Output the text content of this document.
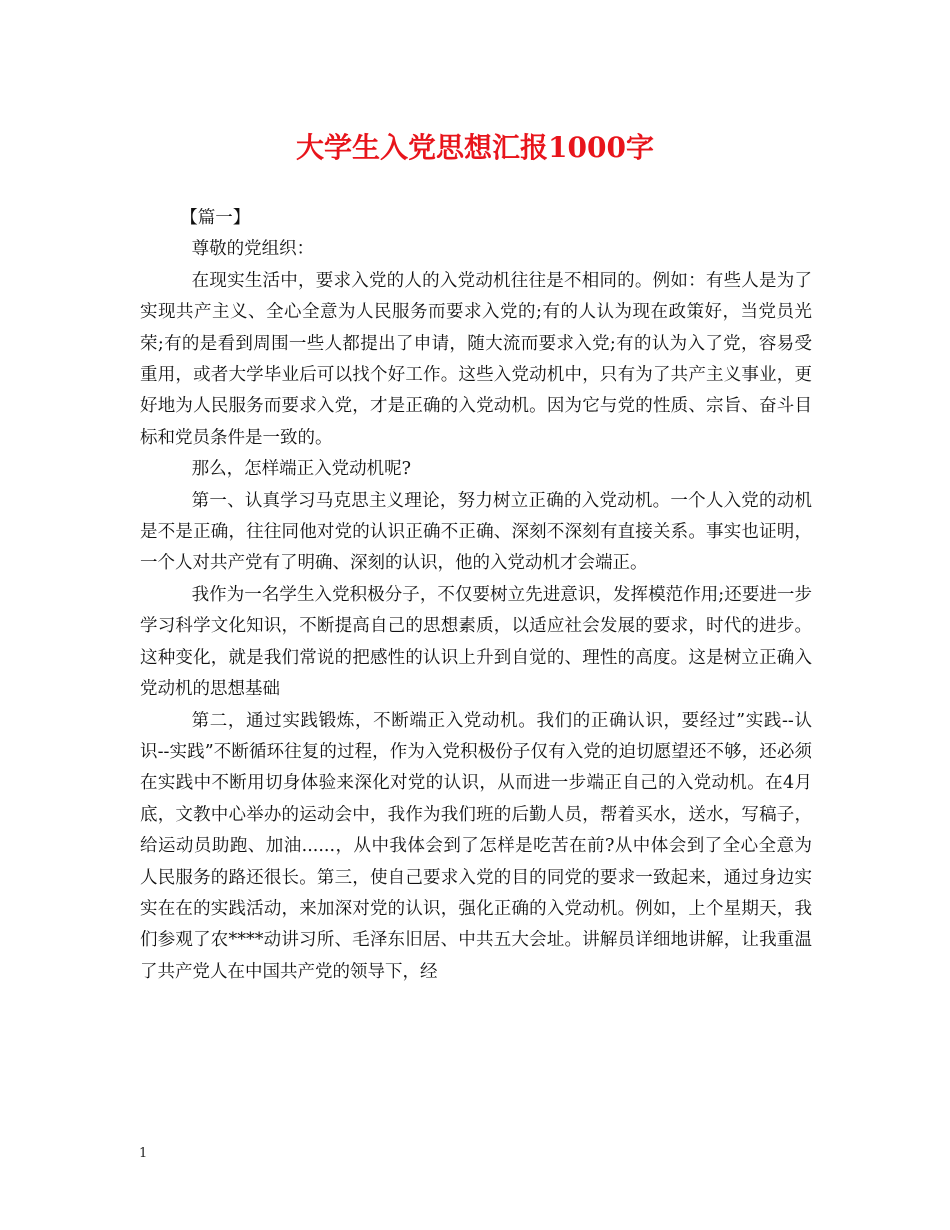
大学生入党思想汇报1000字

【篇一】

尊敬的党组织：

在现实生活中，要求入党的人的入党动机往往是不相同的。例如：有些人是为了实现共产主义、全心全意为人民服务而要求入党的;有的人认为现在政策好，当党员光荣;有的是看到周围一些人都提出了申请，随大流而要求入党;有的认为入了党，容易受重用，或者大学毕业后可以找个好工作。这些入党动机中，只有为了共产主义事业，更好地为人民服务而要求入党，才是正确的入党动机。因为它与党的性质、宗旨、奋斗目标和党员条件是一致的。

那么，怎样端正入党动机呢?

第一、认真学习马克思主义理论，努力树立正确的入党动机。一个人入党的动机是不是正确，往往同他对党的认识正确不正确、深刻不深刻有直接关系。事实也证明，一个人对共产党有了明确、深刻的认识，他的入党动机才会端正。

我作为一名学生入党积极分子，不仅要树立先进意识，发挥模范作用;还要进一步学习科学文化知识，不断提高自己的思想素质，以适应社会发展的要求，时代的进步。这种变化，就是我们常说的把感性的认识上升到自觉的、理性的高度。这是树立正确入党动机的思想基础

第二，通过实践锻炼，不断端正入党动机。我们的正确认识，要经过”实践--认识--实践”不断循环往复的过程，作为入党积极份子仅有入党的迫切愿望还不够，还必须在实践中不断用切身体验来深化对党的认识，从而进一步端正自己的入党动机。在4月底，文教中心举办的运动会中，我作为我们班的后勤人员，帮着买水，送水，写稿子，给运动员助跑、加油......，从中我体会到了怎样是吃苦在前?从中体会到了全心全意为人民服务的路还很长。第三，使自己要求入党的目的同党的要求一致起来，通过身边实实在在的实践活动，来加深对党的认识，强化正确的入党动机。例如，上个星期天，我们参观了农****动讲习所、毛泽东旧居、中共五大会址。讲解员详细地讲解，让我重温了共产党人在中国共产党的领导下，经

1
